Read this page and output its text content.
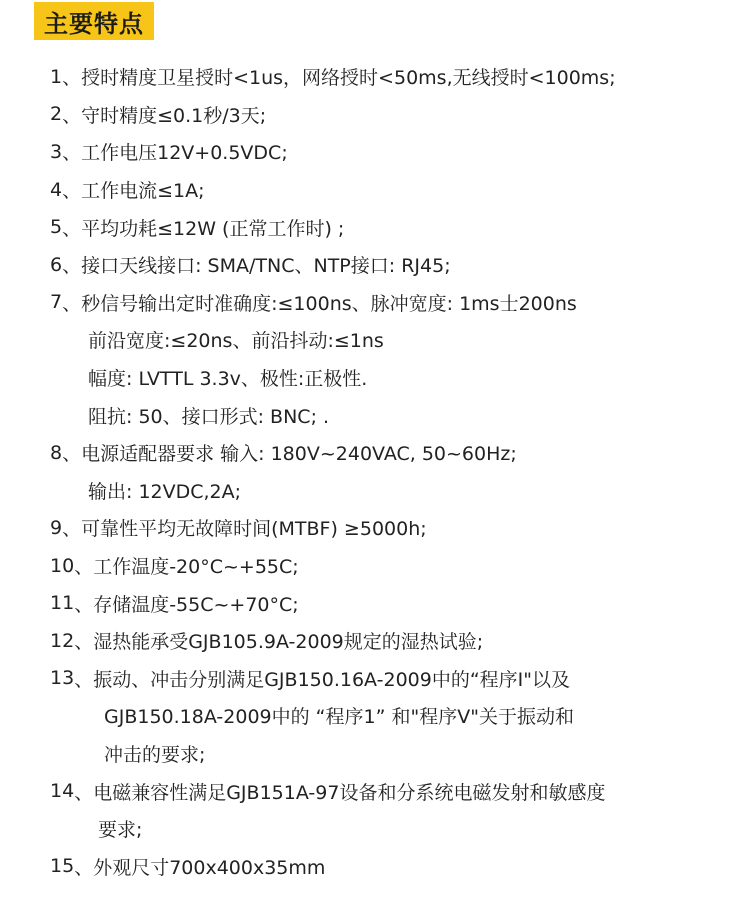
主要特点
1 、 授时精度卫星授时<1us，网络授时<50ms,无线授时<100ms;
2 、 守时精度≤0.1秒/3天;
3 、 工作电压12V+0.5VDC;
4 、 工作电流≤1A;
5 、 平均功耗≤12W (正常工作时) ;
6 、 接口天线接口: SMA/TNC、NTP接口: RJ45;
7 、 秒信号输出定时准确度:≤100ns、脉冲宽度: 1ms士200ns
前沿宽度:≤20ns、前沿抖动:≤1ns
幅度: LVTTL 3.3v、极性:正极性.
阻抗: 50、接口形式: BNC; .
8 、 电源适配器要求 输入: 180V~240VAC, 50~60Hz;
输出: 12VDC,2A;
9 、 可靠性平均无故障时间(MTBF) ≥5000h;
10 、 工作温度-20°C~+55C;
11 、 存储温度-55C~+70°C;
12 、 湿热能承受GJB105.9A-2009规定的湿热试验;
13 、 振动、冲击分别满足GJB150.16A-2009中的“程序I"以及
GJB150.18A-2009中的 “程序1” 和"程序V"关于振动和
冲击的要求;
14 、 电磁兼容性满足GJB151A-97设备和分系统电磁发射和敏感度
要求;
15 、 外观尺寸700x400x35mm
